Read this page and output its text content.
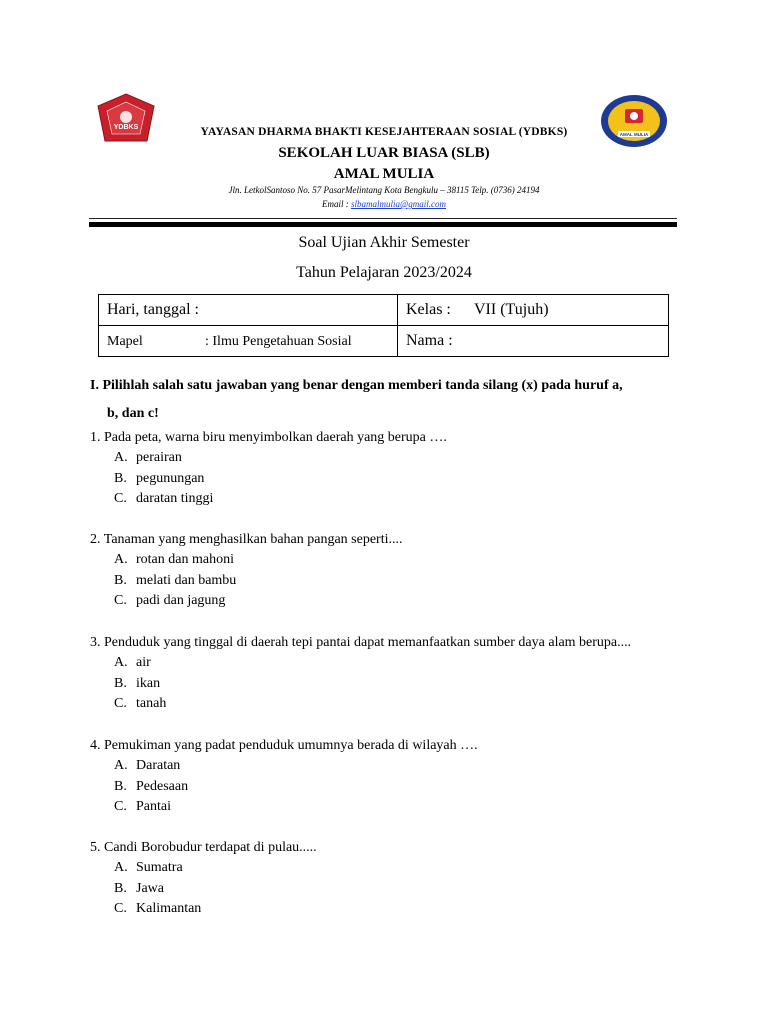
YDBKS
AMAL MULIA
YAYASAN DHARMA BHAKTI KESEJAHTERAAN SOSIAL (YDBKS)
SEKOLAH LUAR BIASA (SLB)
AMAL MULIA
Jln. LetkolSantoso No. 57 PasarMelintang Kota Bengkulu – 38115 Telp. (0736) 24194
Email : slbamalmulia@gmail.com
Soal Ujian Akhir Semester
Tahun Pelajaran 2023/2024
Hari, tanggal :	Kelas : VII (Tujuh)
Mapel : Ilmu Pengetahuan Sosial	Nama :
I. Pilihlah salah satu jawaban yang benar dengan memberi tanda silang (x) pada huruf a,
b, dan c!
1. Pada peta, warna biru menyimbolkan daerah yang berupa ….
A. perairan
B. pegunungan
C. daratan tinggi
2. Tanaman yang menghasilkan bahan pangan seperti....
A. rotan dan mahoni
B. melati dan bambu
C. padi dan jagung
3. Penduduk yang tinggal di daerah tepi pantai dapat memanfaatkan sumber daya alam berupa....
A. air
B. ikan
C. tanah
4. Pemukiman yang padat penduduk umumnya berada di wilayah ….
A. Daratan
B. Pedesaan
C. Pantai
5. Candi Borobudur terdapat di pulau.....
A. Sumatra
B. Jawa
C. Kalimantan
